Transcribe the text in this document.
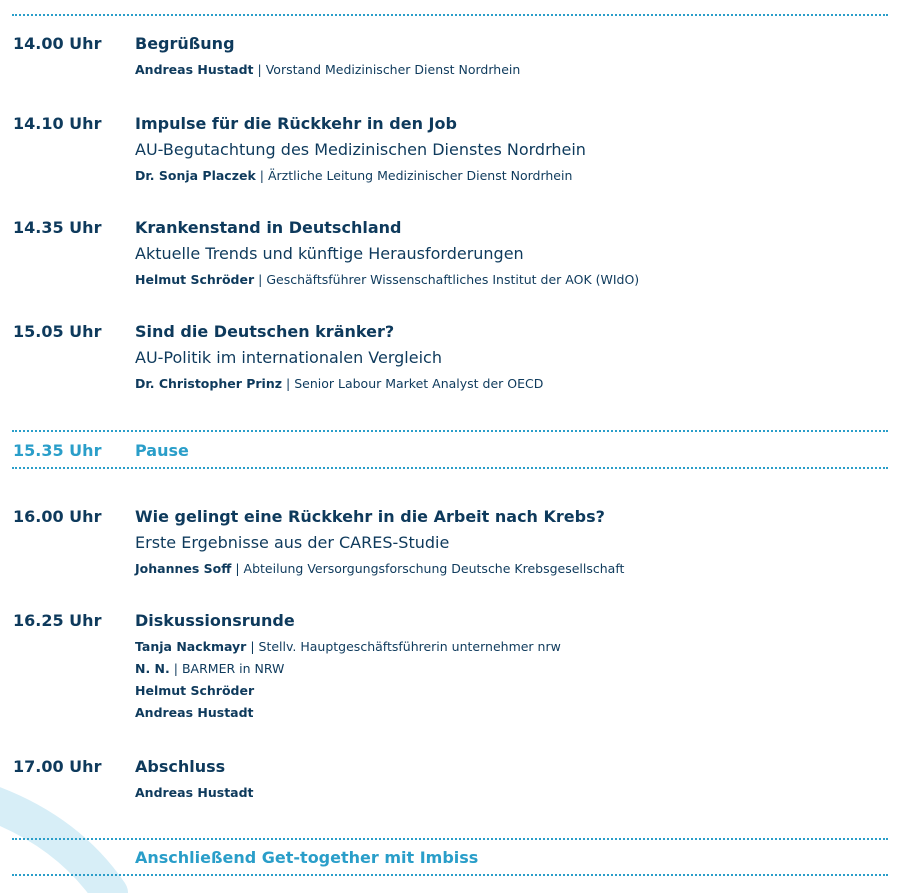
14.00 Uhr	Begrüßung
Andreas Hustadt | Vorstand Medizinischer Dienst Nordrhein
14.10 Uhr	Impulse für die Rückkehr in den Job
AU-Begutachtung des Medizinischen Dienstes Nordrhein
Dr. Sonja Placzek | Ärztliche Leitung Medizinischer Dienst Nordrhein
14.35 Uhr	Krankenstand in Deutschland
Aktuelle Trends und künftige Herausforderungen
Helmut Schröder | Geschäftsführer Wissenschaftliches Institut der AOK (WIdO)
15.05 Uhr	Sind die Deutschen kränker?
AU-Politik im internationalen Vergleich
Dr. Christopher Prinz | Senior Labour Market Analyst der OECD
15.35 Uhr	Pause
16.00 Uhr	Wie gelingt eine Rückkehr in die Arbeit nach Krebs?
Erste Ergebnisse aus der CARES-Studie
Johannes Soff | Abteilung Versorgungsforschung Deutsche Krebsgesellschaft
16.25 Uhr	Diskussionsrunde
Tanja Nackmayr | Stellv. Hauptgeschäftsführerin unternehmer nrw
N. N. | BARMER in NRW
Helmut Schröder
Andreas Hustadt
17.00 Uhr	Abschluss
Andreas Hustadt
Anschließend Get-together mit Imbiss
